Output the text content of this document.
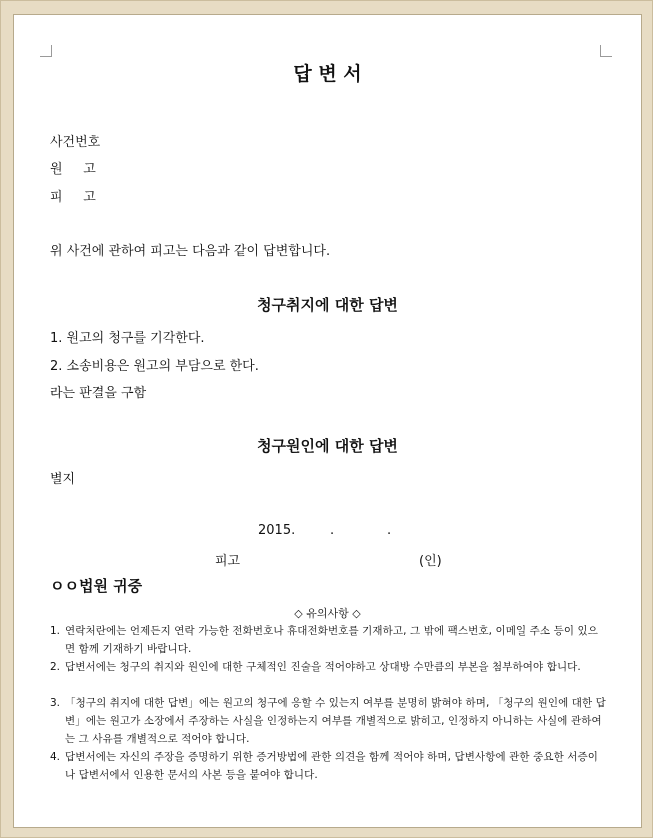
답 변 서
사건번호
원     고
피     고
위 사건에 관하여 피고는 다음과 같이 답변합니다.
청구취지에 대한 답변
1. 원고의 청구를 기각한다.
2. 소송비용은 원고의 부담으로 한다.
라는 판결을 구함
청구원인에 대한 답변
별지
2015.	.	.
피고	(인)
ㅇㅇ법원 귀중
◇ 유의사항 ◇
1. 연락처란에는 언제든지 연락 가능한 전화번호나 휴대전화번호를 기재하고, 그 밖에 팩스번호, 이메일 주소 등이 있으면 함께 기재하기 바랍니다.
2. 답변서에는 청구의 취지와 원인에 대한 구체적인 진술을 적어야하고 상대방 수만큼의 부본을 첨부하여야 합니다.
3. 「청구의 취지에 대한 답변」에는 원고의 청구에 응할 수 있는지 여부를 분명히 밝혀야 하며, 「청구의 원인에 대한 답변」에는 원고가 소장에서 주장하는 사실을 인정하는지 여부를 개별적으로 밝히고, 인정하지 아니하는 사실에 관하여는 그 사유를 개별적으로 적어야 합니다.
4. 답변서에는 자신의 주장을 증명하기 위한 증거방법에 관한 의견을 함께 적어야 하며, 답변사항에 관한 중요한 서증이나 답변서에서 인용한 문서의 사본 등을 붙여야 합니다.
